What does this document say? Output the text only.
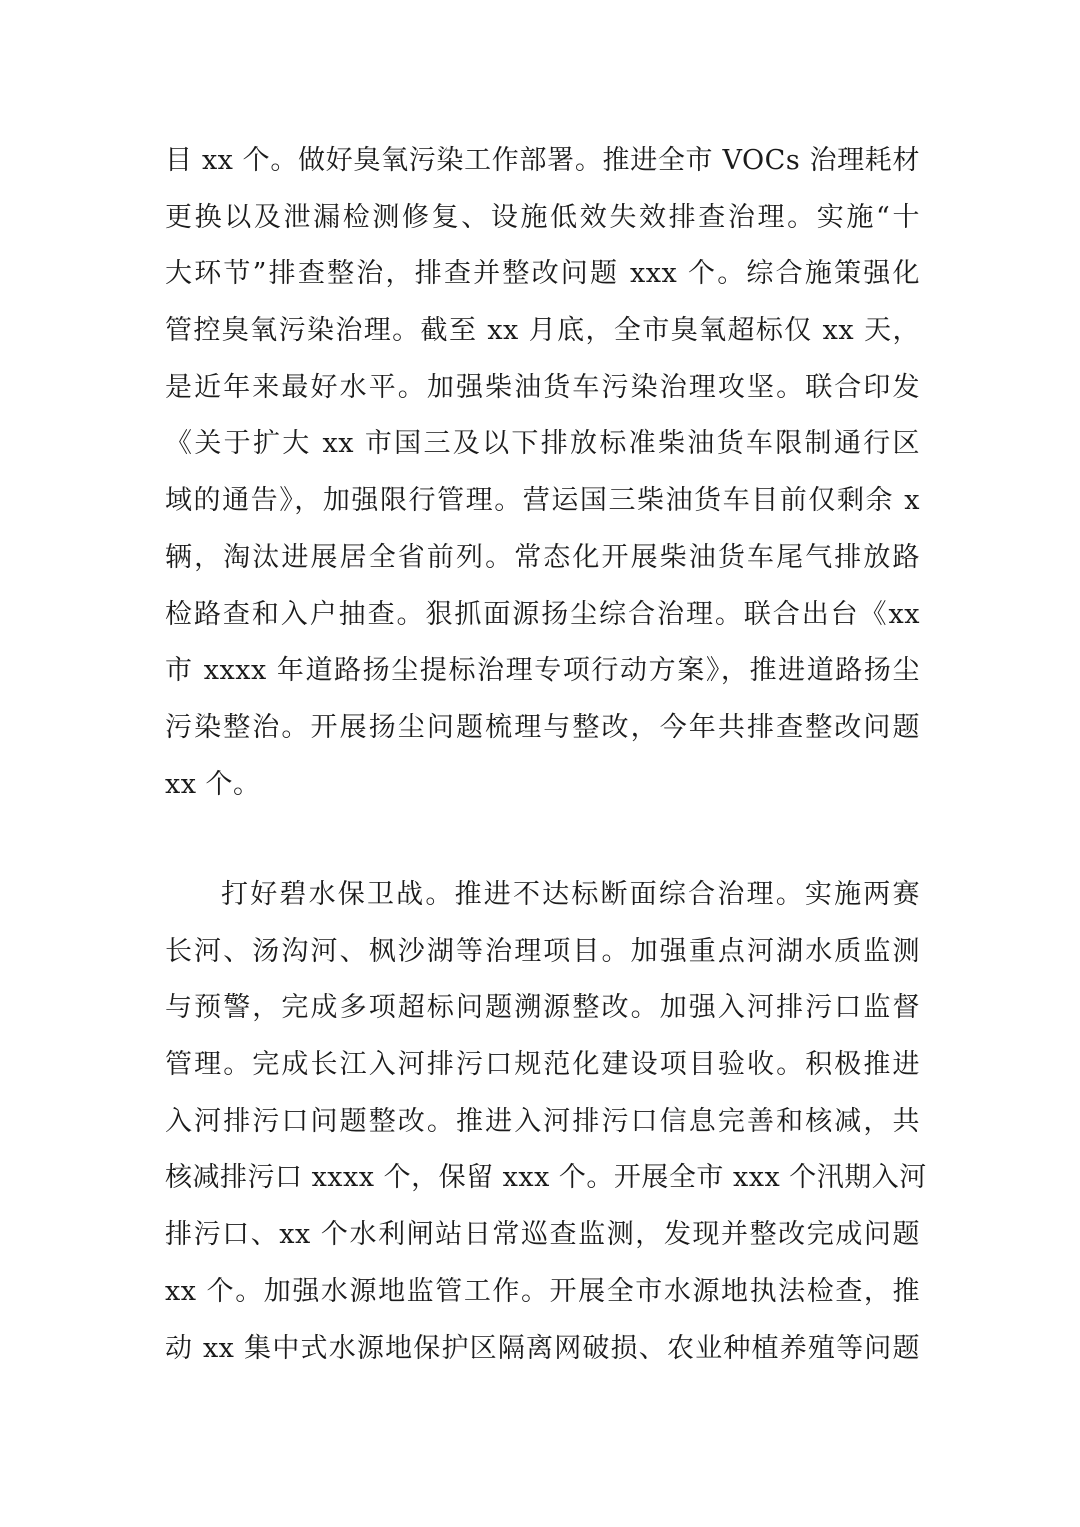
目 xx 个。做好臭氧污染工作部署。推进全市 VOCs 治理耗材
更换以及泄漏检测修复、设施低效失效排查治理。实施“十
大环节”排查整治，排查并整改问题 xxx 个。综合施策强化
管控臭氧污染治理。截至 xx 月底，全市臭氧超标仅 xx 天，
是近年来最好水平。加强柴油货车污染治理攻坚。联合印发
《关于扩大 xx 市国三及以下排放标准柴油货车限制通行区
域的通告》，加强限行管理。营运国三柴油货车目前仅剩余 x
辆，淘汰进展居全省前列。常态化开展柴油货车尾气排放路
检路查和入户抽查。狠抓面源扬尘综合治理。联合出台《xx
市 xxxx 年道路扬尘提标治理专项行动方案》，推进道路扬尘
污染整治。开展扬尘问题梳理与整改，今年共排查整改问题
xx 个。
打好碧水保卫战。推进不达标断面综合治理。实施两赛
长河、汤沟河、枫沙湖等治理项目。加强重点河湖水质监测
与预警，完成多项超标问题溯源整改。加强入河排污口监督
管理。完成长江入河排污口规范化建设项目验收。积极推进
入河排污口问题整改。推进入河排污口信息完善和核减，共
核减排污口 xxxx 个，保留 xxx 个。开展全市 xxx 个汛期入河
排污口、xx 个水利闸站日常巡查监测，发现并整改完成问题
xx 个。加强水源地监管工作。开展全市水源地执法检查，推
动 xx 集中式水源地保护区隔离网破损、农业种植养殖等问题
